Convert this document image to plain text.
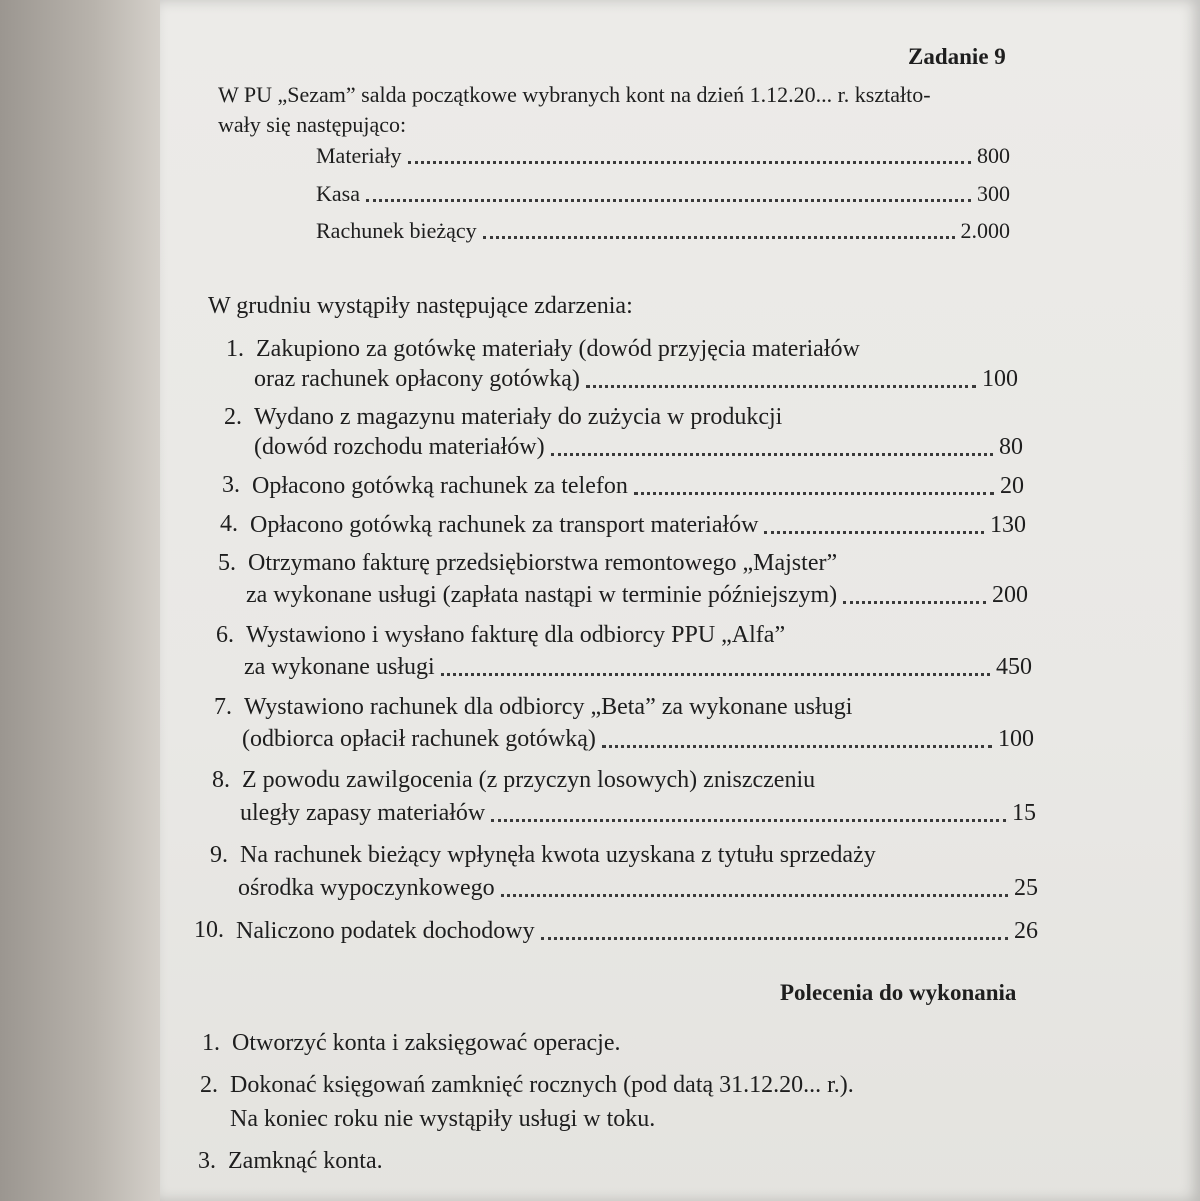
Zadanie 9
W PU „Sezam” salda początkowe wybranych kont na dzień 1.12.20... r. kształto-
wały się następująco:
Materiały	800
Kasa	300
Rachunek bieżący	2.000
W grudniu wystąpiły następujące zdarzenia:
1. Zakupiono za gotówkę materiały (dowód przyjęcia materiałów
oraz rachunek opłacony gotówką)	100
2. Wydano z magazynu materiały do zużycia w produkcji
(dowód rozchodu materiałów)	80
3. Opłacono gotówką rachunek za telefon	20
4. Opłacono gotówką rachunek za transport materiałów	130
5. Otrzymano fakturę przedsiębiorstwa remontowego „Majster”
za wykonane usługi (zapłata nastąpi w terminie późniejszym)	200
6. Wystawiono i wysłano fakturę dla odbiorcy PPU „Alfa”
za wykonane usługi	450
7. Wystawiono rachunek dla odbiorcy „Beta” za wykonane usługi
(odbiorca opłacił rachunek gotówką)	100
8. Z powodu zawilgocenia (z przyczyn losowych) zniszczeniu
uległy zapasy materiałów	15
9. Na rachunek bieżący wpłynęła kwota uzyskana z tytułu sprzedaży
ośrodka wypoczynkowego	25
10. Naliczono podatek dochodowy	26
Polecenia do wykonania
1. Otworzyć konta i zaksięgować operacje.
2. Dokonać księgowań zamknięć rocznych (pod datą 31.12.20... r.).
Na koniec roku nie wystąpiły usługi w toku.
3. Zamknąć konta.
